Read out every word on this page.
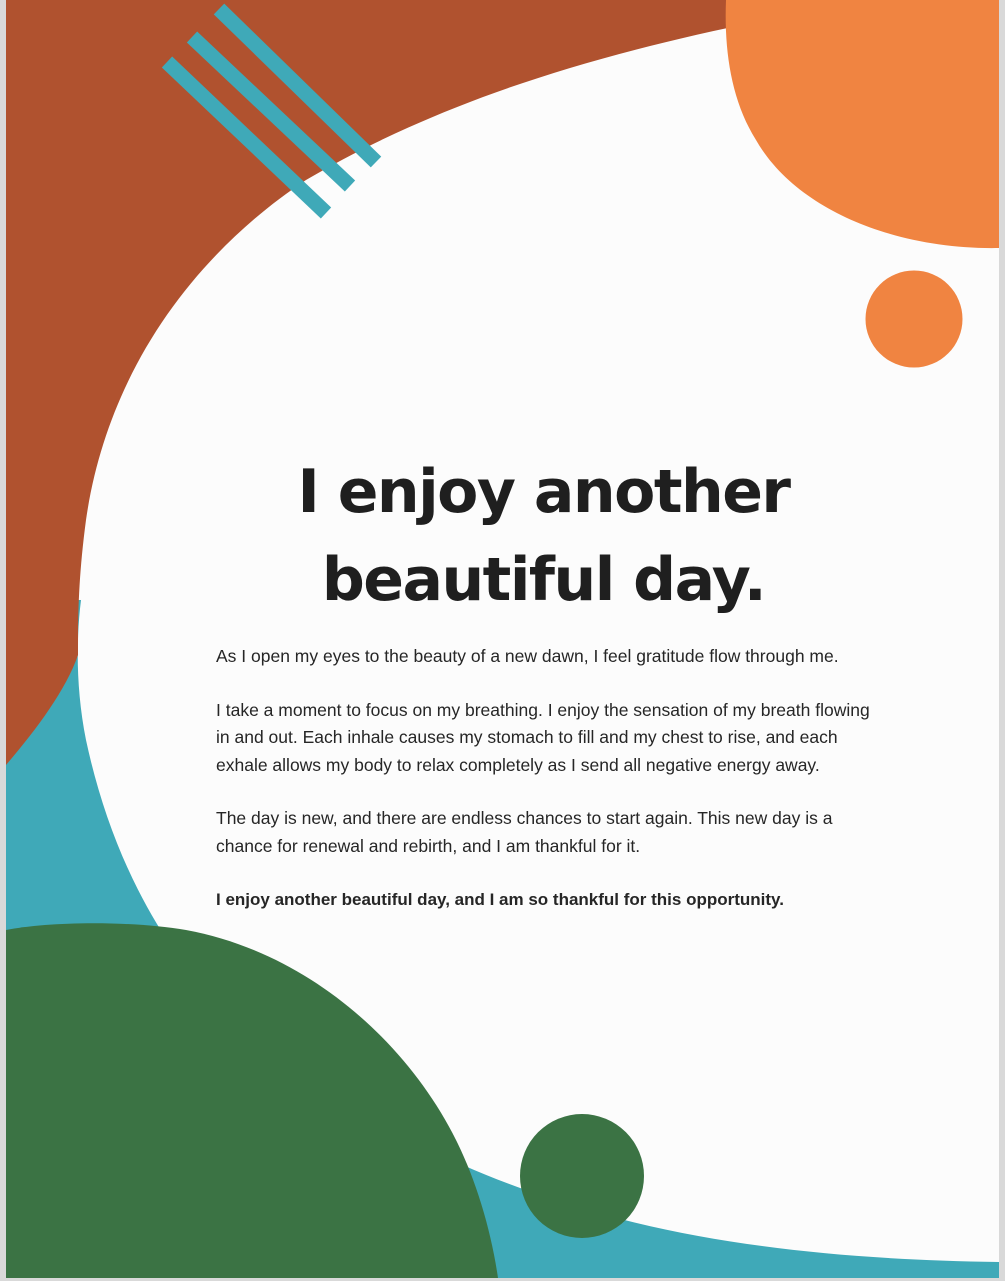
I enjoy another
beautiful day.

As I open my eyes to the beauty of a new dawn, I feel gratitude flow through me.

I take a moment to focus on my breathing. I enjoy the sensation of my breath flowing in and out. Each inhale causes my stomach to fill and my chest to rise, and each exhale allows my body to relax completely as I send all negative energy away.

The day is new, and there are endless chances to start again. This new day is a chance for renewal and rebirth, and I am thankful for it.

I enjoy another beautiful day, and I am so thankful for this opportunity.
